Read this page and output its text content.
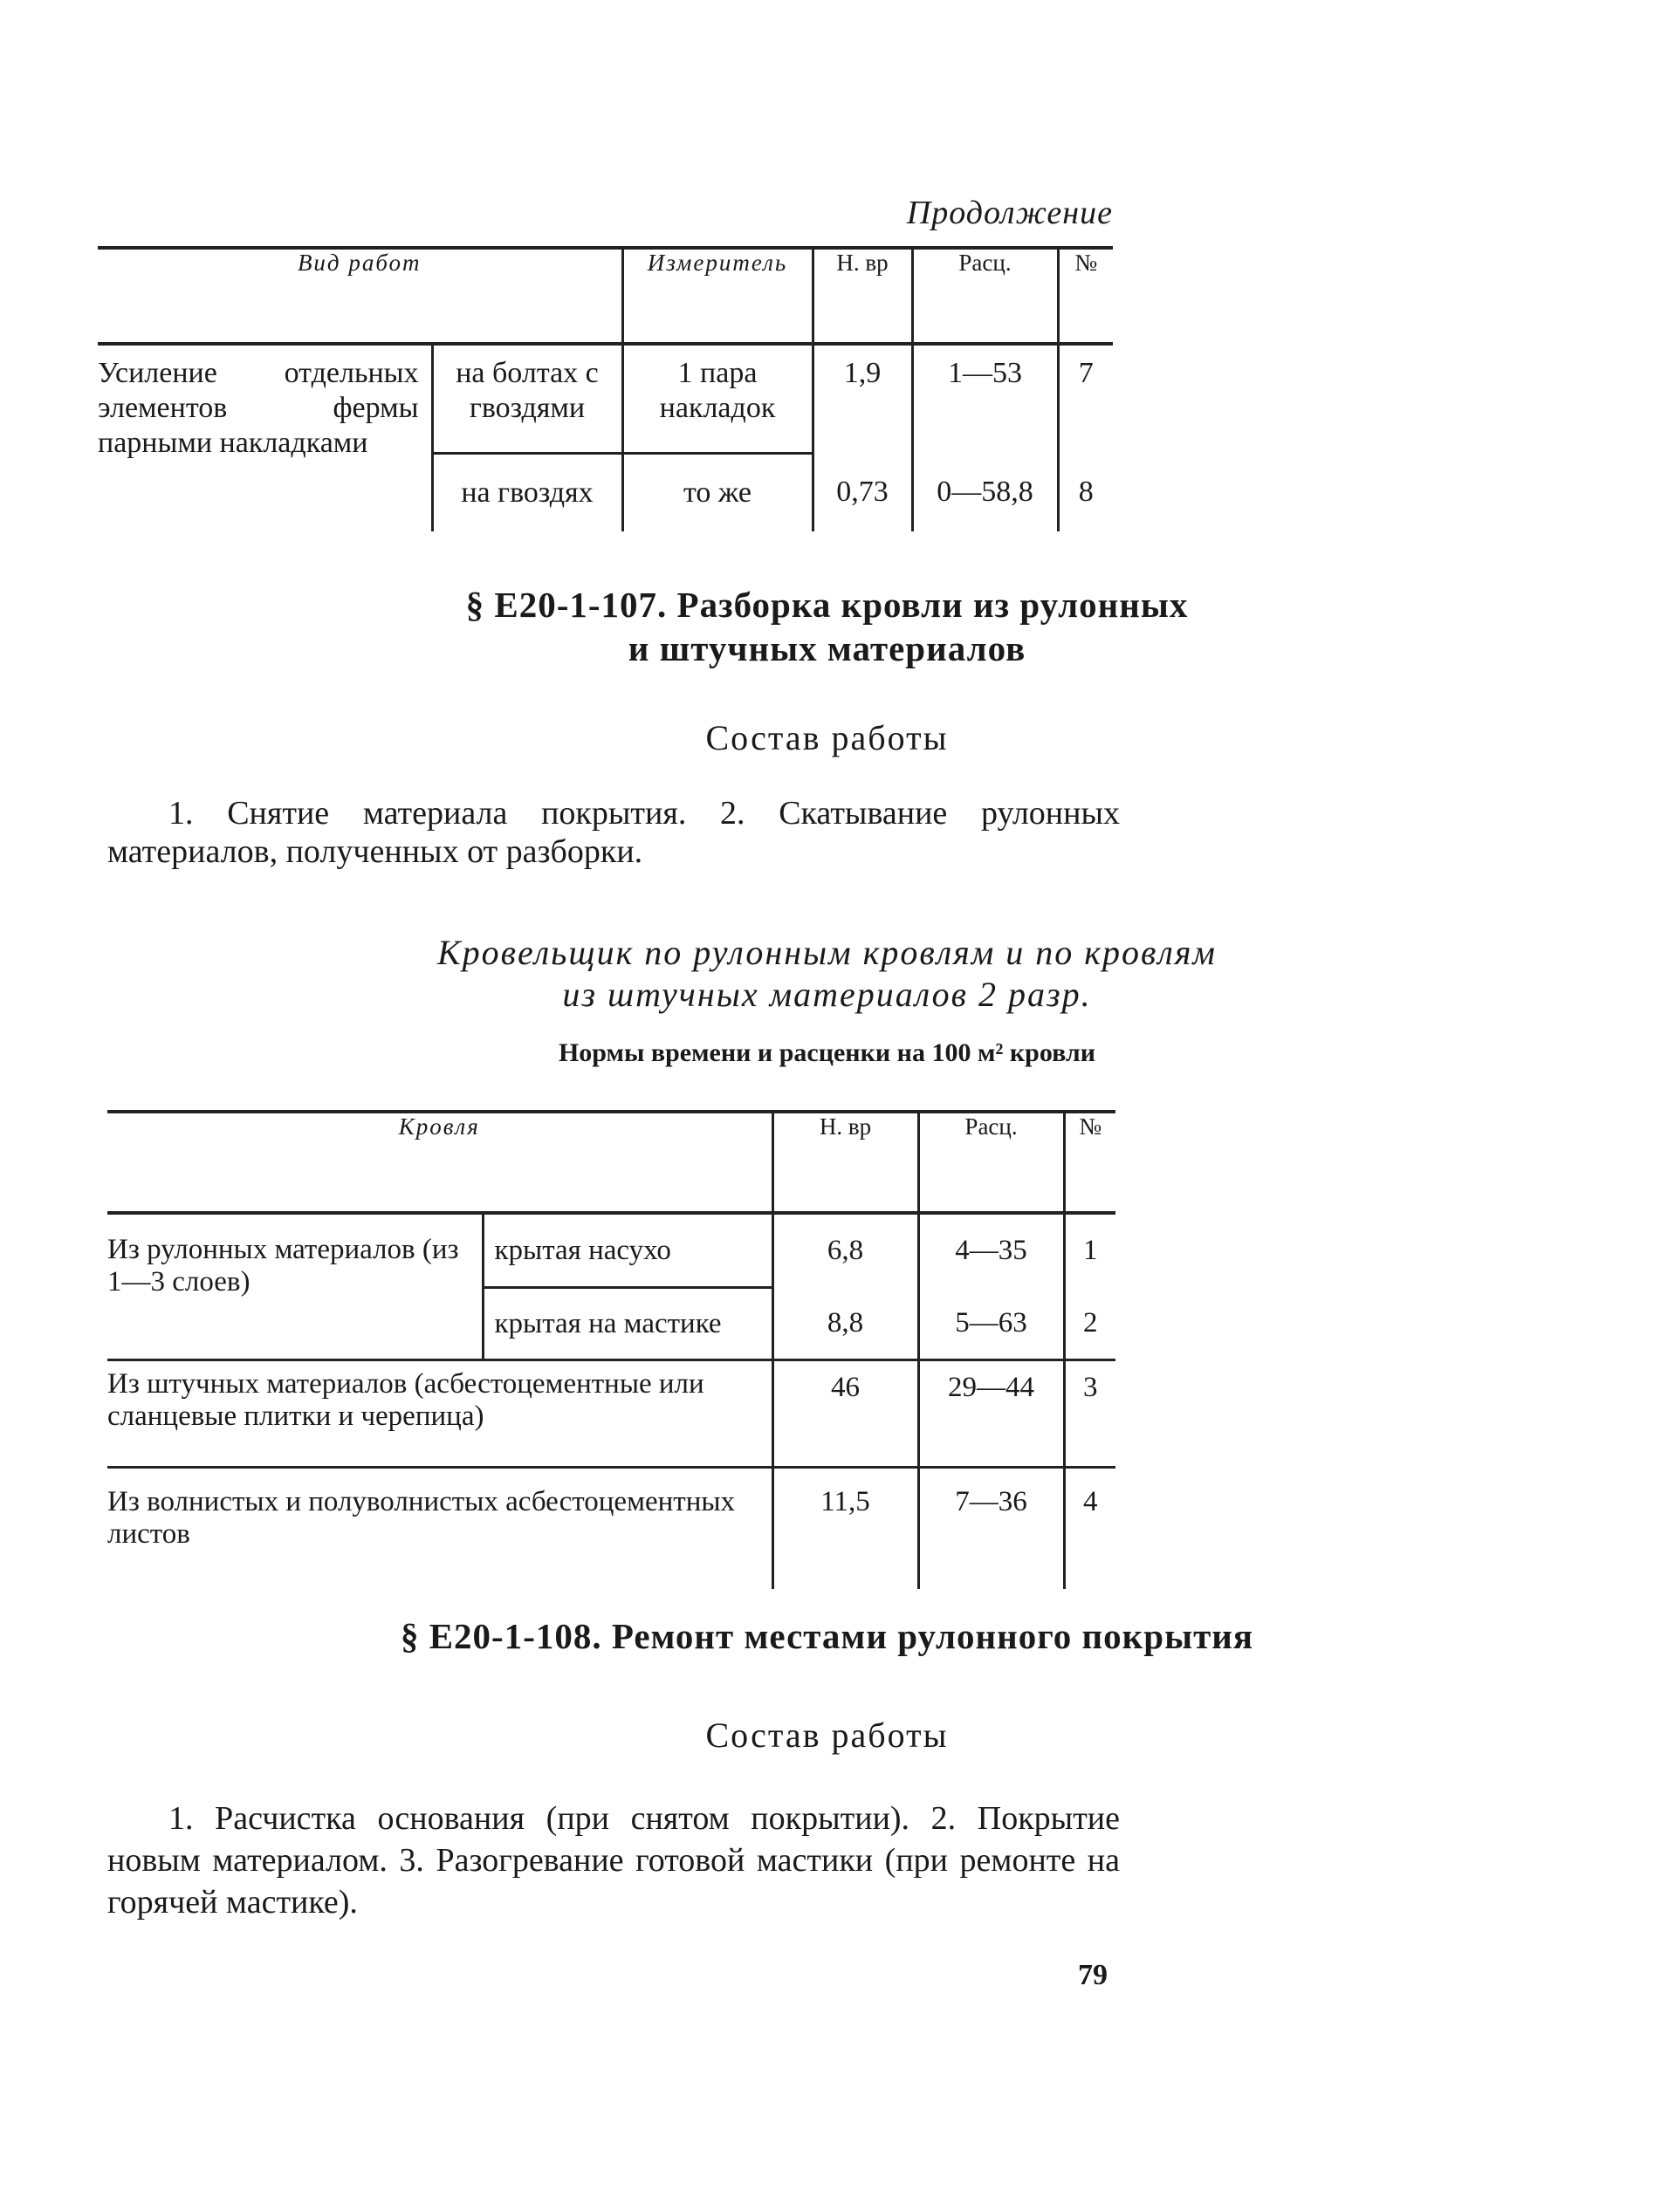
Продолжение
Вид работ		Измеритель	Н. вр	Расц.	№
Усиление отдельных элементов фермы парными накладками	на болтах с гвоздями	1 пара накладок	1,9	1—53	7
	на гвоздях	то же	0,73	0—58,8	8
§ Е20-1-107. Разборка кровли из рулонных
и штучных материалов
Состав работы
1. Снятие материала покрытия. 2. Скатывание рулонных материалов, полученных от разборки.
Кровельщик по рулонным кровлям и по кровлям
из штучных материалов 2 разр.
Нормы времени и расценки на 100 м² кровли
Кровля		Н. вр	Расц.	№
Из рулонных материалов (из 1—3 слоев)	крытая насухо	6,8	4—35	1
	крытая на мастике	8,8	5—63	2
Из штучных материалов (асбестоцементные или сланцевые плитки и черепица)		46	29—44	3
Из волнистых и полуволнистых асбестоцементных листов		11,5	7—36	4
§ Е20-1-108. Ремонт местами рулонного покрытия
Состав работы
1. Расчистка основания (при снятом покрытии). 2. Покрытие новым материалом. 3. Разогревание готовой мастики (при ремонте на горячей мастике).
79
